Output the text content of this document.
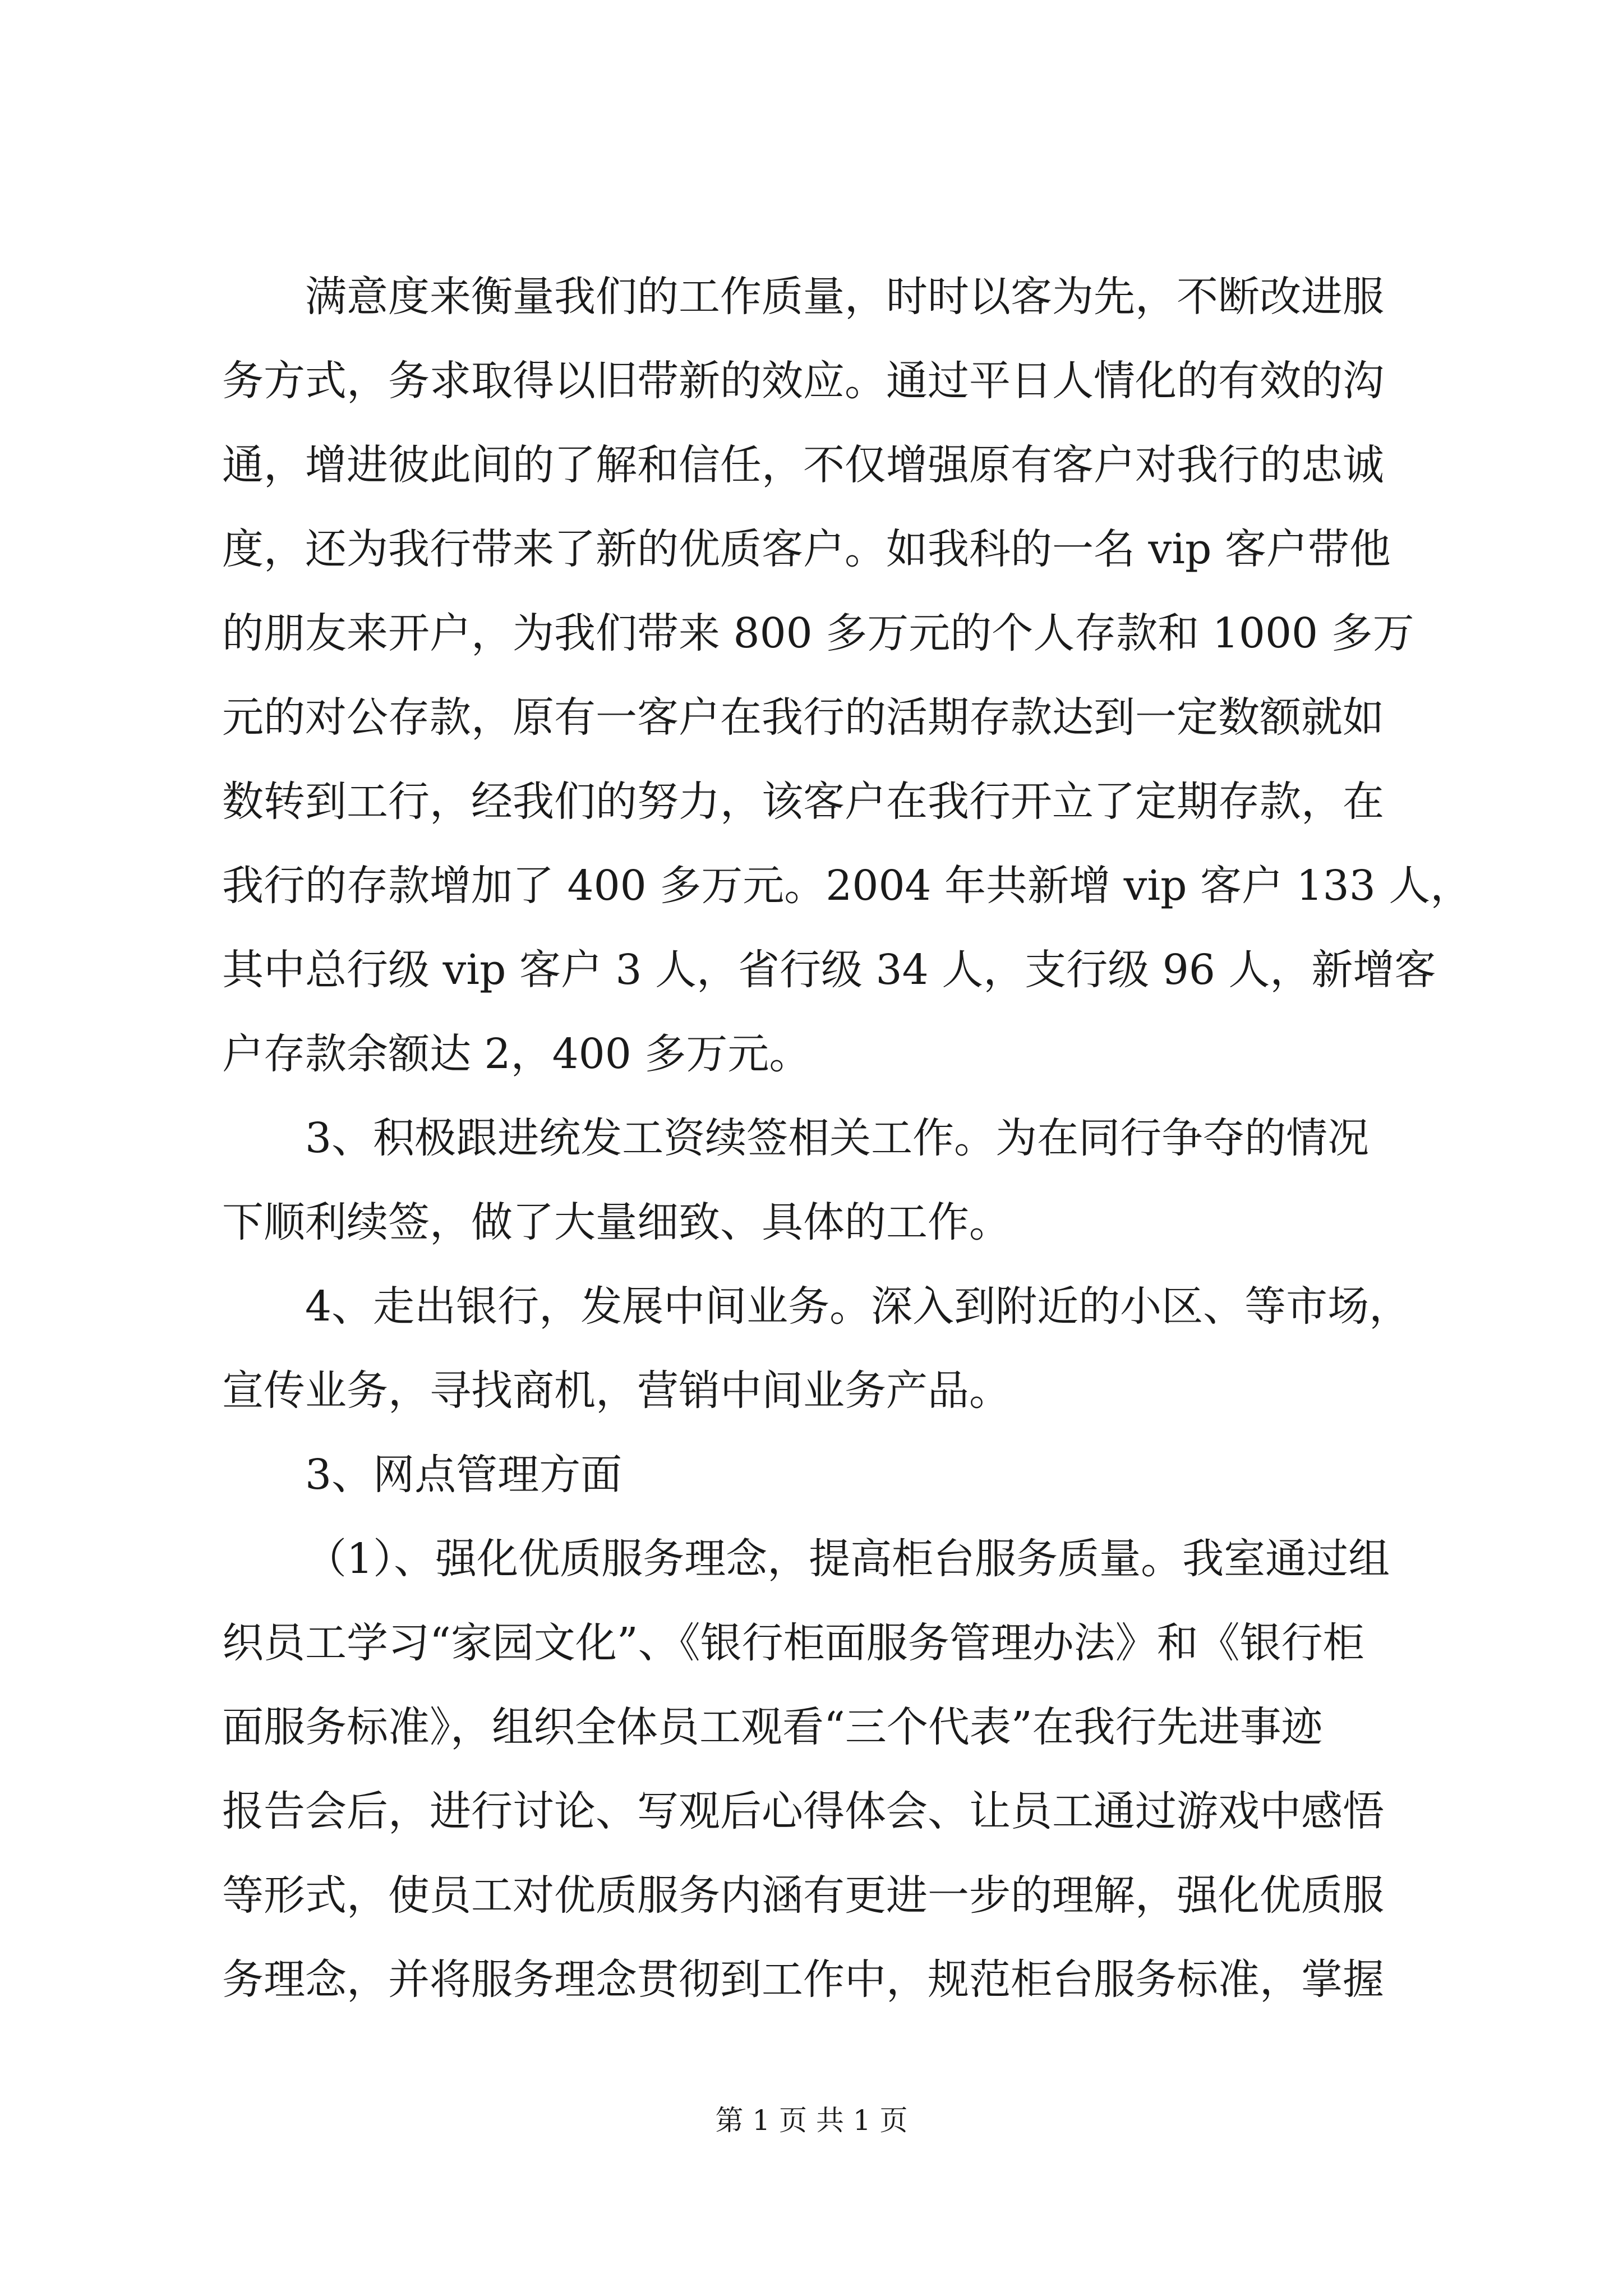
满意度来衡量我们的工作质量，时时以客为先，不断改进服
务方式，务求取得以旧带新的效应。通过平日人情化的有效的沟
通，增进彼此间的了解和信任，不仅增强原有客户对我行的忠诚
度，还为我行带来了新的优质客户。如我科的一名 vip 客户带他
的朋友来开户，为我们带来 800 多万元的个人存款和 1000 多万
元的对公存款，原有一客户在我行的活期存款达到一定数额就如
数转到工行，经我们的努力，该客户在我行开立了定期存款，在
我行的存款增加了 400 多万元。2004 年共新增 vip 客户 133 人，
其中总行级 vip 客户 3 人，省行级 34 人，支行级 96 人，新增客
户存款余额达 2，400 多万元。
3、积极跟进统发工资续签相关工作。为在同行争夺的情况
下顺利续签，做了大量细致、具体的工作。
4、走出银行，发展中间业务。深入到附近的小区、等市场，
宣传业务，寻找商机，营销中间业务产品。
3、网点管理方面
（1）、强化优质服务理念，提高柜台服务质量。我室通过组
织员工学习“家园文化”、《银行柜面服务管理办法》和《银行柜
面服务标准》，组织全体员工观看“三个代表”在我行先进事迹
报告会后，进行讨论、写观后心得体会、让员工通过游戏中感悟
等形式，使员工对优质服务内涵有更进一步的理解，强化优质服
务理念，并将服务理念贯彻到工作中，规范柜台服务标准，掌握
第 1 页 共 1 页
